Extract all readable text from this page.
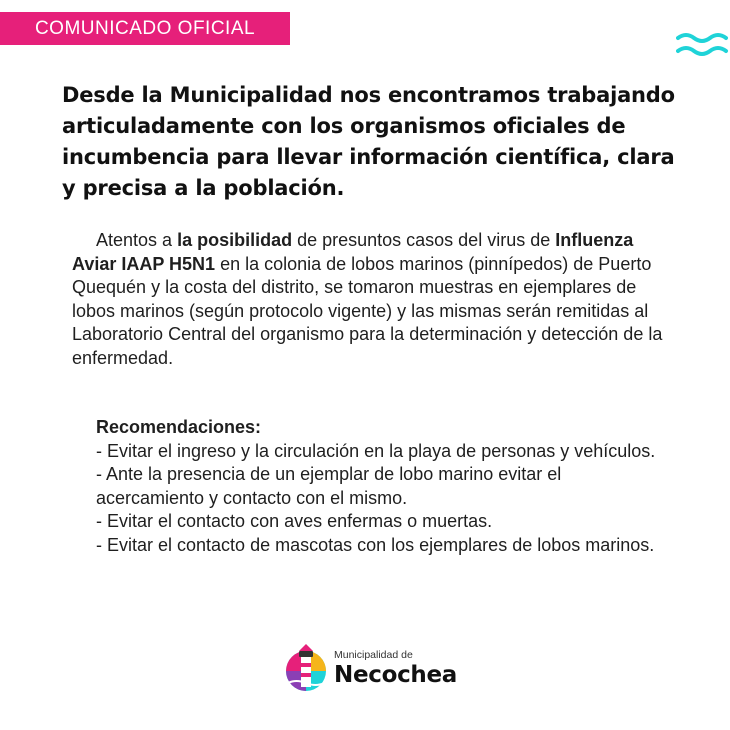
COMUNICADO OFICIAL
Desde la Municipalidad nos encontramos trabajando articuladamente con los organismos oficiales de incumbencia para llevar información científica, clara y precisa a la población.

Atentos a la posibilidad de presuntos casos del virus de Influenza Aviar IAAP H5N1 en la colonia de lobos marinos (pinnípedos) de Puerto Quequén y la costa del distrito, se tomaron muestras en ejemplares de lobos marinos (según protocolo vigente) y las mismas serán remitidas al Laboratorio Central del organismo para la determinación y detección de la enfermedad.

Recomendaciones:
- Evitar el ingreso y la circulación en la playa de personas y vehículos.
- Ante la presencia de un ejemplar de lobo marino evitar el acercamiento y contacto con el mismo.
- Evitar el contacto con aves enfermas o muertas.
- Evitar el contacto de mascotas con los ejemplares de lobos marinos.
Municipalidad de
Necochea
